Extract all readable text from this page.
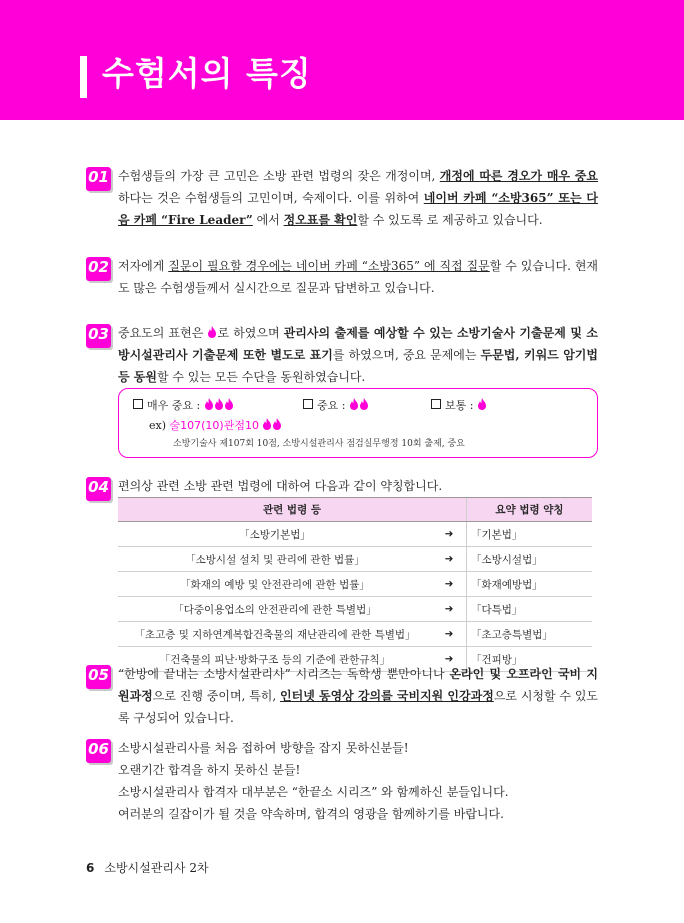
수험서의 특징
01 수험생들의 가장 큰 고민은 소방 관련 법령의 잦은 개정이며, 개정에 따른 경오가 매우 중요 하다는 것은 수험생들의 고민이며, 숙제이다. 이를 위하여 네이버 카페 “소방365” 또는 다음 카페 “Fire Leader” 에서 정오표를 확인할 수 있도록 로 제공하고 있습니다.

02 저자에게 질문이 필요할 경우에는 네이버 카페 “소방365” 에 직접 질문할 수 있습니다. 현재도 많은 수험생들께서 실시간으로 질문과 답변하고 있습니다.

03 중요도의 표현은
로 하였으며 관리사의 출제를 예상할 수 있는 소방기술사 기출문제 및 소방시설관리사 기출문제 또한 별도로 표기를 하였으며, 중요 문제에는 두문법, 키워드 암기법 등 동원할 수 있는 모든 수단을 동원하였습니다.

매우 중요 :	중요 :	보통 :
ex) 술107(10)관점10
소방기술사 제107회 10점, 소방시설관리사 점검실무행정 10회 출제, 중요
04 편의상 관련 소방 관련 법령에 대하여 다음과 같이 약칭합니다.

관련 법령 등		요약 법령 약칭
「소방기본법」	➜	「기본법」
「소방시설 설치 및 관리에 관한 법률」	➜	「소방시설법」
「화재의 예방 및 안전관리에 관한 법률」	➜	「화재예방법」
「다중이용업소의 안전관리에 관한 특별법」	➜	「다특법」
「초고층 및 지하연계복합건축물의 재난관리에 관한 특별법」	➜	「초고층특별법」
「건축물의 피난·방화구조 등의 기준에 관한규칙」	➜	「건피방」
05 “한방에 끝내는 소방시설관리사” 시리즈는 독학생 뿐만아니나 온라인 및 오프라인 국비 지원과정으로 진행 중이며, 특히, 인터넷 동영상 강의를 국비지원 인강과정으로 시청할 수 있도록 구성되어 있습니다.

06 소방시설관리사를 처음 접하여 방향을 잡지 못하신분들!

오랜기간 합격을 하지 못하신 분들!

소방시설관리사 합격자 대부분은 “한끝소 시리즈” 와 함께하신 분들입니다.

여러분의 길잡이가 될 것을 약속하며, 합격의 영광을 함께하기를 바랍니다.

6 소방시설관리사 2차
